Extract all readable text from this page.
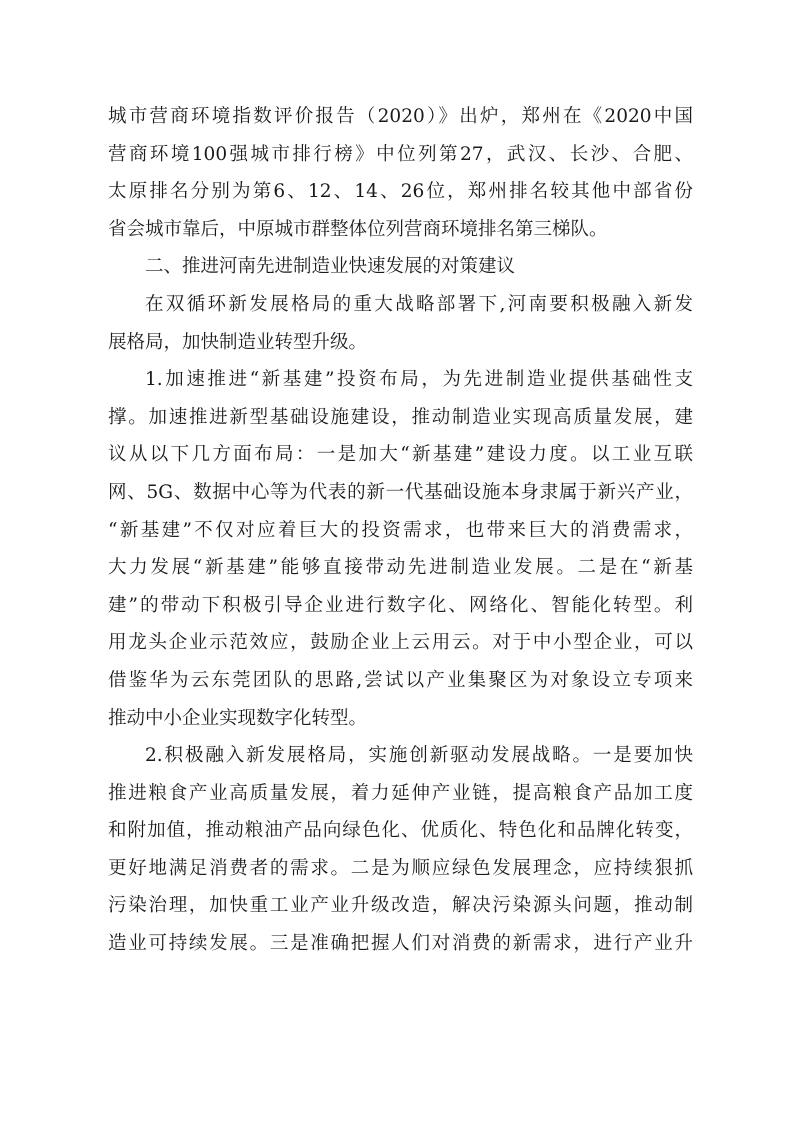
城市营商环境指数评价报告（2020）》出炉，郑州在《2020中国
营商环境100强城市排行榜》中位列第27，武汉、长沙、合肥、
太原排名分别为第6、12、14、26位，郑州排名较其他中部省份
省会城市靠后，中原城市群整体位列营商环境排名第三梯队。
二、推进河南先进制造业快速发展的对策建议
在双循环新发展格局的重大战略部署下,河南要积极融入新发
展格局，加快制造业转型升级。
1.加速推进“新基建”投资布局，为先进制造业提供基础性支
撑。加速推进新型基础设施建设，推动制造业实现高质量发展，建
议从以下几方面布局：一是加大“新基建”建设力度。以工业互联
网、5G、数据中心等为代表的新一代基础设施本身隶属于新兴产业，
“新基建”不仅对应着巨大的投资需求，也带来巨大的消费需求，
大力发展“新基建”能够直接带动先进制造业发展。二是在“新基
建”的带动下积极引导企业进行数字化、网络化、智能化转型。利
用龙头企业示范效应，鼓励企业上云用云。对于中小型企业，可以
借鉴华为云东莞团队的思路,尝试以产业集聚区为对象设立专项来
推动中小企业实现数字化转型。
2.积极融入新发展格局，实施创新驱动发展战略。一是要加快
推进粮食产业高质量发展，着力延伸产业链，提高粮食产品加工度
和附加值，推动粮油产品向绿色化、优质化、特色化和品牌化转变，
更好地满足消费者的需求。二是为顺应绿色发展理念，应持续狠抓
污染治理，加快重工业产业升级改造，解决污染源头问题，推动制
造业可持续发展。三是准确把握人们对消费的新需求，进行产业升
